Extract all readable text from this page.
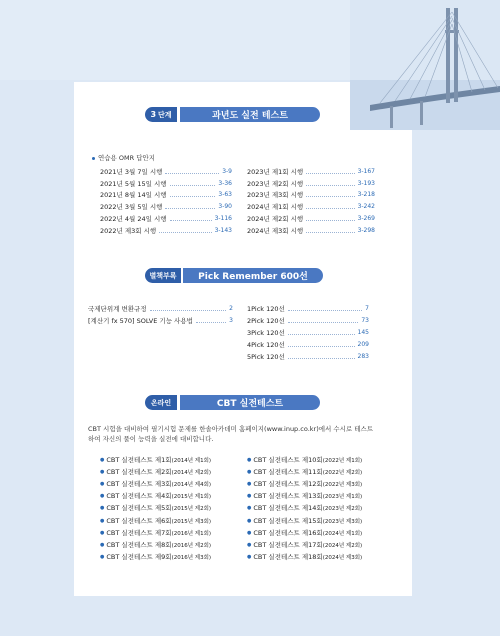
3 단계	과년도 실전 테스트
연습용 OMR 답안지
2021년 3월 7일 시행	3-9
2021년 5월 15일 시행	3-36
2021년 8월 14일 시행	3-63
2022년 3월 5일 시행	3-90
2022년 4월 24일 시행	3-116
2022년 제3회 시행	3-143
2023년 제1회 시행	3-167
2023년 제2회 시행	3-193
2023년 제3회 시행	3-218
2024년 제1회 시행	3-242
2024년 제2회 시행	3-269
2024년 제3회 시행	3-298
별책부록	Pick Remember 600선
국제단위계 변환규정	2
[계산기 fx 570] SOLVE 기능 사용법	3
1Pick 120선	7
2Pick 120선	73
3Pick 120선	145
4Pick 120선	209
5Pick 120선	283
온라인	CBT 실전테스트
CBT 시험을 대비하여 필기시험 문제를 한솔아카데미 홈페이지(www.inup.co.kr)에서 수시로 테스트하여 자신의 풀이 능력을 실전에 대비합니다.
● CBT 실전테스트 제1회(2014년 제1회)
● CBT 실전테스트 제2회(2014년 제2회)
● CBT 실전테스트 제3회(2014년 제4회)
● CBT 실전테스트 제4회(2015년 제1회)
● CBT 실전테스트 제5회(2015년 제2회)
● CBT 실전테스트 제6회(2015년 제3회)
● CBT 실전테스트 제7회(2016년 제1회)
● CBT 실전테스트 제8회(2016년 제2회)
● CBT 실전테스트 제9회(2016년 제3회)
● CBT 실전테스트 제10회(2022년 제1회)
● CBT 실전테스트 제11회(2022년 제2회)
● CBT 실전테스트 제12회(2022년 제3회)
● CBT 실전테스트 제13회(2023년 제1회)
● CBT 실전테스트 제14회(2023년 제2회)
● CBT 실전테스트 제15회(2023년 제3회)
● CBT 실전테스트 제16회(2024년 제1회)
● CBT 실전테스트 제17회(2024년 제2회)
● CBT 실전테스트 제18회(2024년 제3회)
